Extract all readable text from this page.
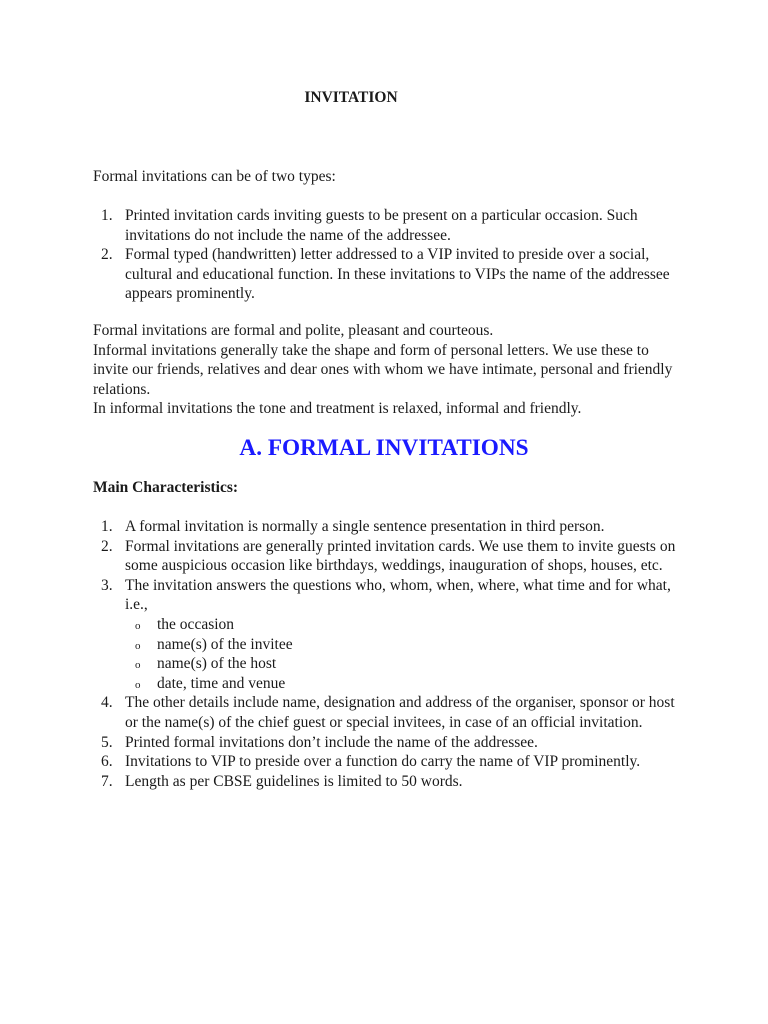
INVITATION

Formal invitations can be of two types:

1. Printed invitation cards inviting guests to be present on a particular occasion. Such invitations do not include the name of the addressee.
2. Formal typed (handwritten) letter addressed to a VIP invited to preside over a social, cultural and educational function. In these invitations to VIPs the name of the addressee appears prominently.

Formal invitations are formal and polite, pleasant and courteous.

Informal invitations generally take the shape and form of personal letters. We use these to invite our friends, relatives and dear ones with whom we have intimate, personal and friendly relations.

In informal invitations the tone and treatment is relaxed, informal and friendly.

A. FORMAL INVITATIONS

Main Characteristics:

1. A formal invitation is normally a single sentence presentation in third person.
2. Formal invitations are generally printed invitation cards. We use them to invite guests on some auspicious occasion like birthdays, weddings, inauguration of shops, houses, etc.
3. The invitation answers the questions who, whom, when, where, what time and for what, i.e.,
o the occasion
o name(s) of the invitee
o name(s) of the host
o date, time and venue
4. The other details include name, designation and address of the organiser, sponsor or host or the name(s) of the chief guest or special invitees, in case of an official invitation.
5. Printed formal invitations don’t include the name of the addressee.
6. Invitations to VIP to preside over a function do carry the name of VIP prominently.
7. Length as per CBSE guidelines is limited to 50 words.
